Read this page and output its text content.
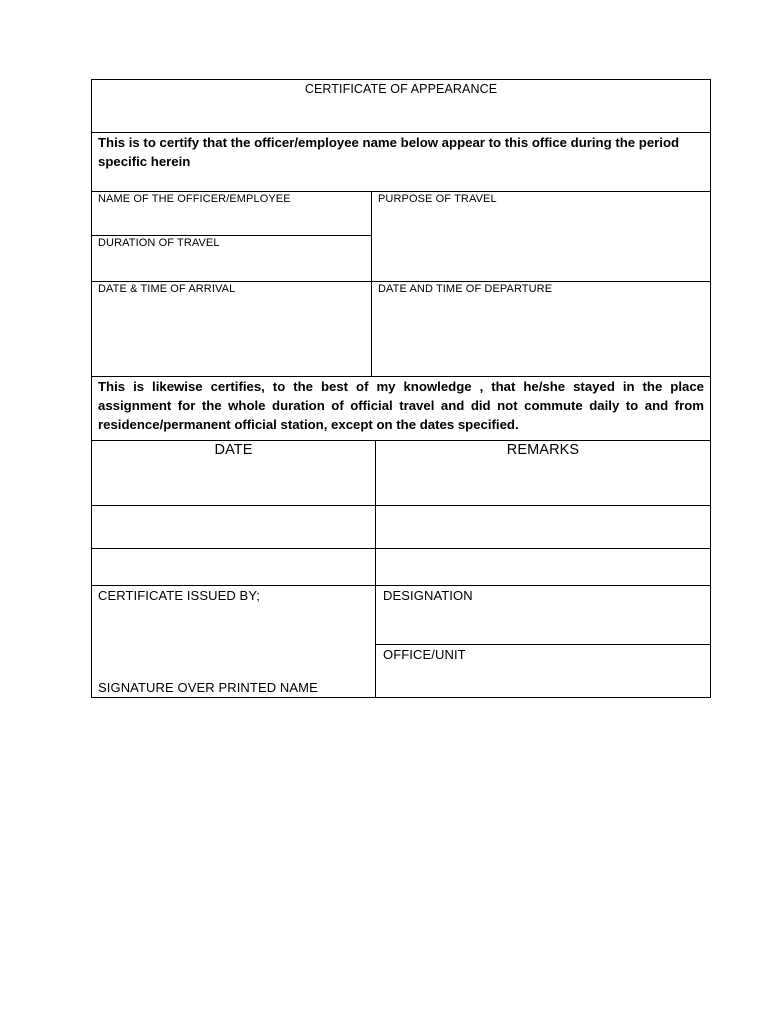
CERTIFICATE OF APPEARANCE
This is to certify that the officer/employee name below appear to this office during the period specific herein
NAME OF THE OFFICER/EMPLOYEE	PURPOSE OF TRAVEL
DURATION OF TRAVEL
DATE & TIME OF ARRIVAL	DATE AND TIME OF DEPARTURE
This is likewise certifies, to the best of my knowledge , that he/she stayed in the place assignment for the whole duration of official travel and did not commute daily to and from residence/permanent official station, except on the dates specified.
DATE	REMARKS
CERTIFICATE ISSUED BY;
SIGNATURE OVER PRINTED NAME
DESIGNATION
OFFICE/UNIT
